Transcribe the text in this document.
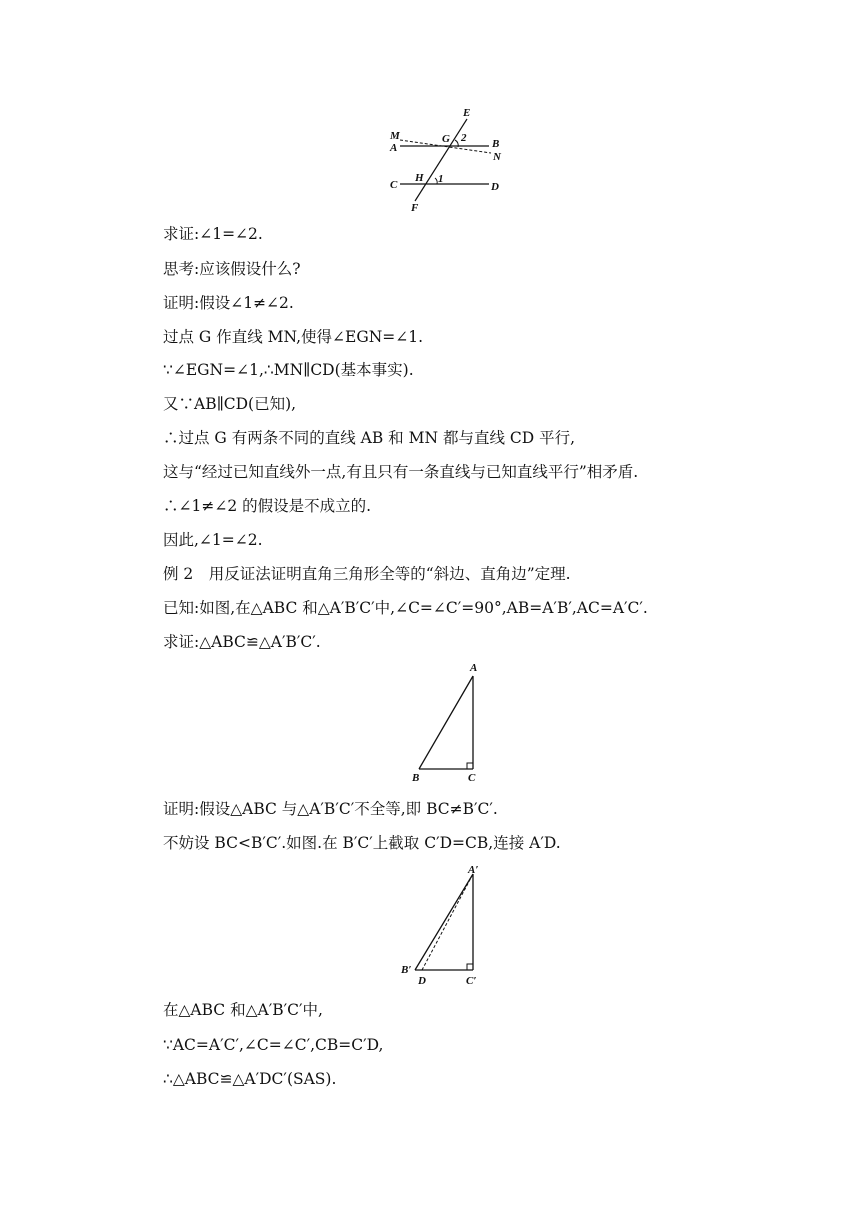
E
M
A
G 2 B
N
C
H 1
D
F
求证:∠1=∠2.
思考:应该假设什么?
证明:假设∠1≠∠2.
过点 G 作直线 MN,使得∠EGN=∠1.
∵∠EGN=∠1,∴MN∥CD(基本事实).
又∵AB∥CD(已知),
∴过点 G 有两条不同的直线 AB 和 MN 都与直线 CD 平行,
这与“经过已知直线外一点,有且只有一条直线与已知直线平行”相矛盾.
∴∠1≠∠2 的假设是不成立的.
因此,∠1=∠2.
例 2　用反证法证明直角三角形全等的“斜边、直角边”定理.
已知:如图,在△ABC 和△A′B′C′中,∠C=∠C′=90°,AB=A′B′,AC=A′C′.
求证:△ABC≌△A′B′C′.
A
B	C
证明:假设△ABC 与△A′B′C′不全等,即 BC≠B′C′.
不妨设 BC<B′C′.如图.在 B′C′上截取 C′D=CB,连接 A′D.
A′
B′
D	C′
在△ABC 和△A′B′C′中,
∵AC=A′C′,∠C=∠C′,CB=C′D,
∴△ABC≌△A′DC′(SAS).
